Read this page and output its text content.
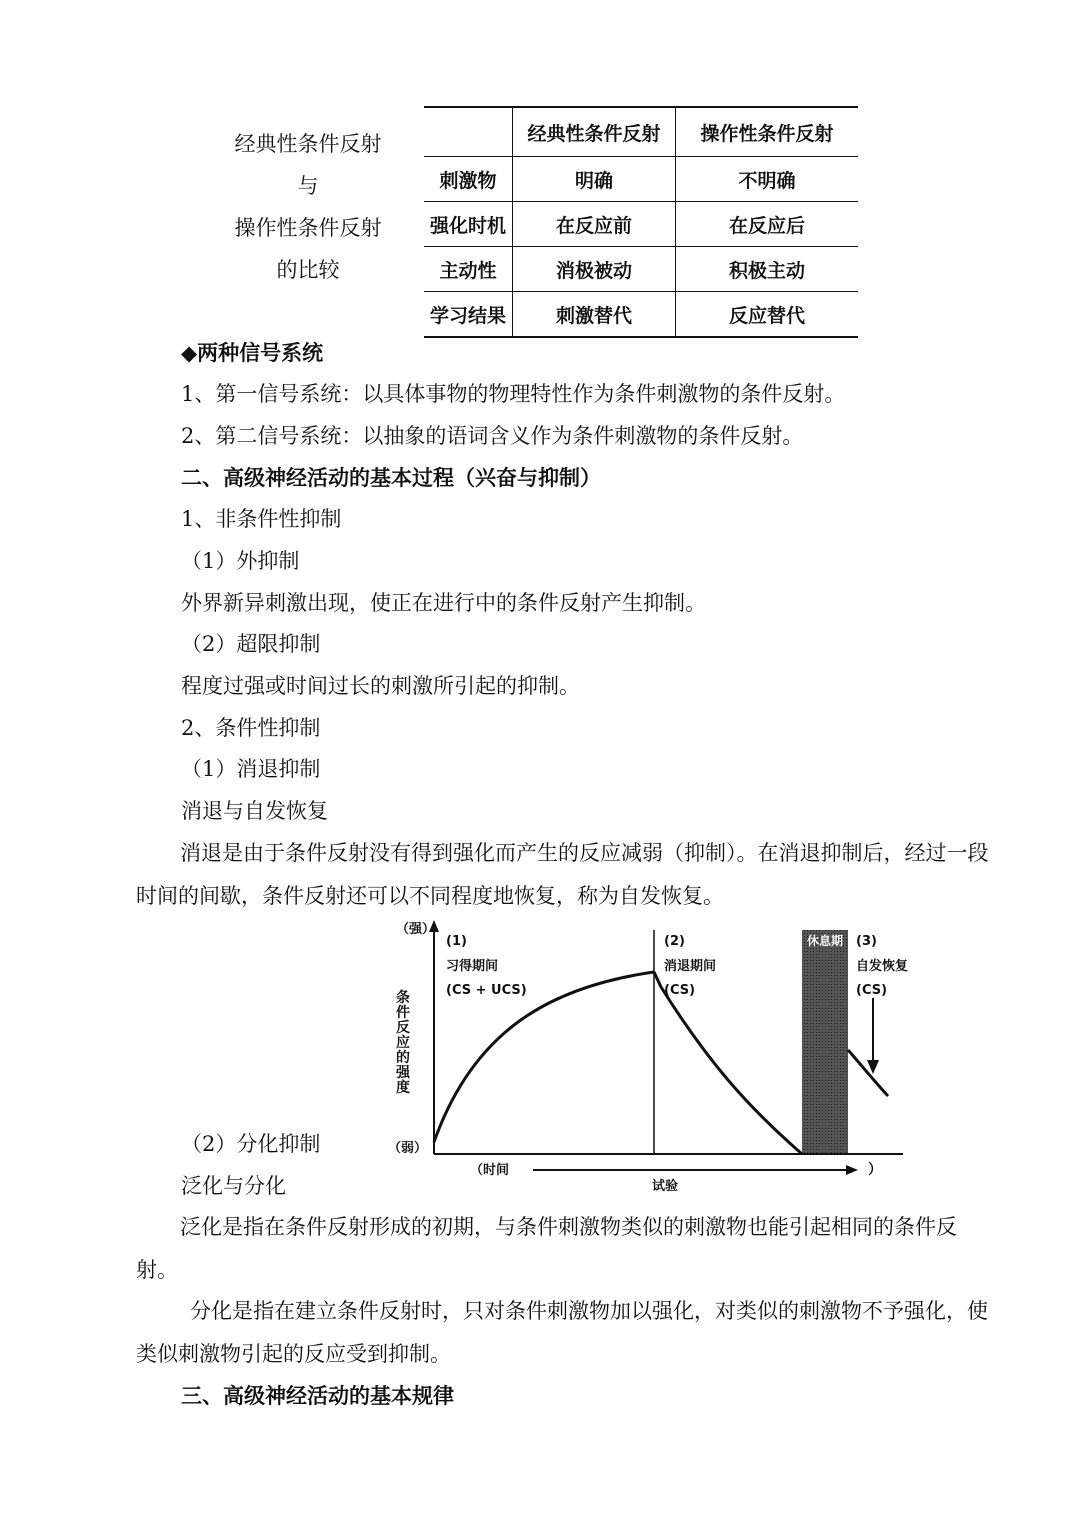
经典性条件反射
与
操作性条件反射
的比较
	经典性条件反射	操作性条件反射
刺激物	明确	不明确
强化时机	在反应前	在反应后
主动性	消极被动	积极主动
学习结果	刺激替代	反应替代
◆两种信号系统
1、第一信号系统：以具体事物的物理特性作为条件刺激物的条件反射。
2、第二信号系统：以抽象的语词含义作为条件刺激物的条件反射。
二、高级神经活动的基本过程（兴奋与抑制）
1、非条件性抑制
（1）外抑制
外界新异刺激出现，使正在进行中的条件反射产生抑制。
（2）超限抑制
程度过强或时间过长的刺激所引起的抑制。
2、条件性抑制
（1）消退抑制
消退与自发恢复
消退是由于条件反射没有得到强化而产生的反应减弱（抑制）。在消退抑制后，经过一段时间的间歇，条件反射还可以不同程度地恢复，称为自发恢复。
休息期
（强）
（弱）
条
件
反
应
的
强
度
（时间
试验
）
(1)
习得期间
(CS + UCS)
(2)
消退期间
(CS)
(3)
自发恢复
(CS)
（2）分化抑制
泛化与分化
泛化是指在条件反射形成的初期，与条件刺激物类似的刺激物也能引起相同的条件反射。
分化是指在建立条件反射时，只对条件刺激物加以强化，对类似的刺激物不予强化，使类似刺激物引起的反应受到抑制。
三、高级神经活动的基本规律
